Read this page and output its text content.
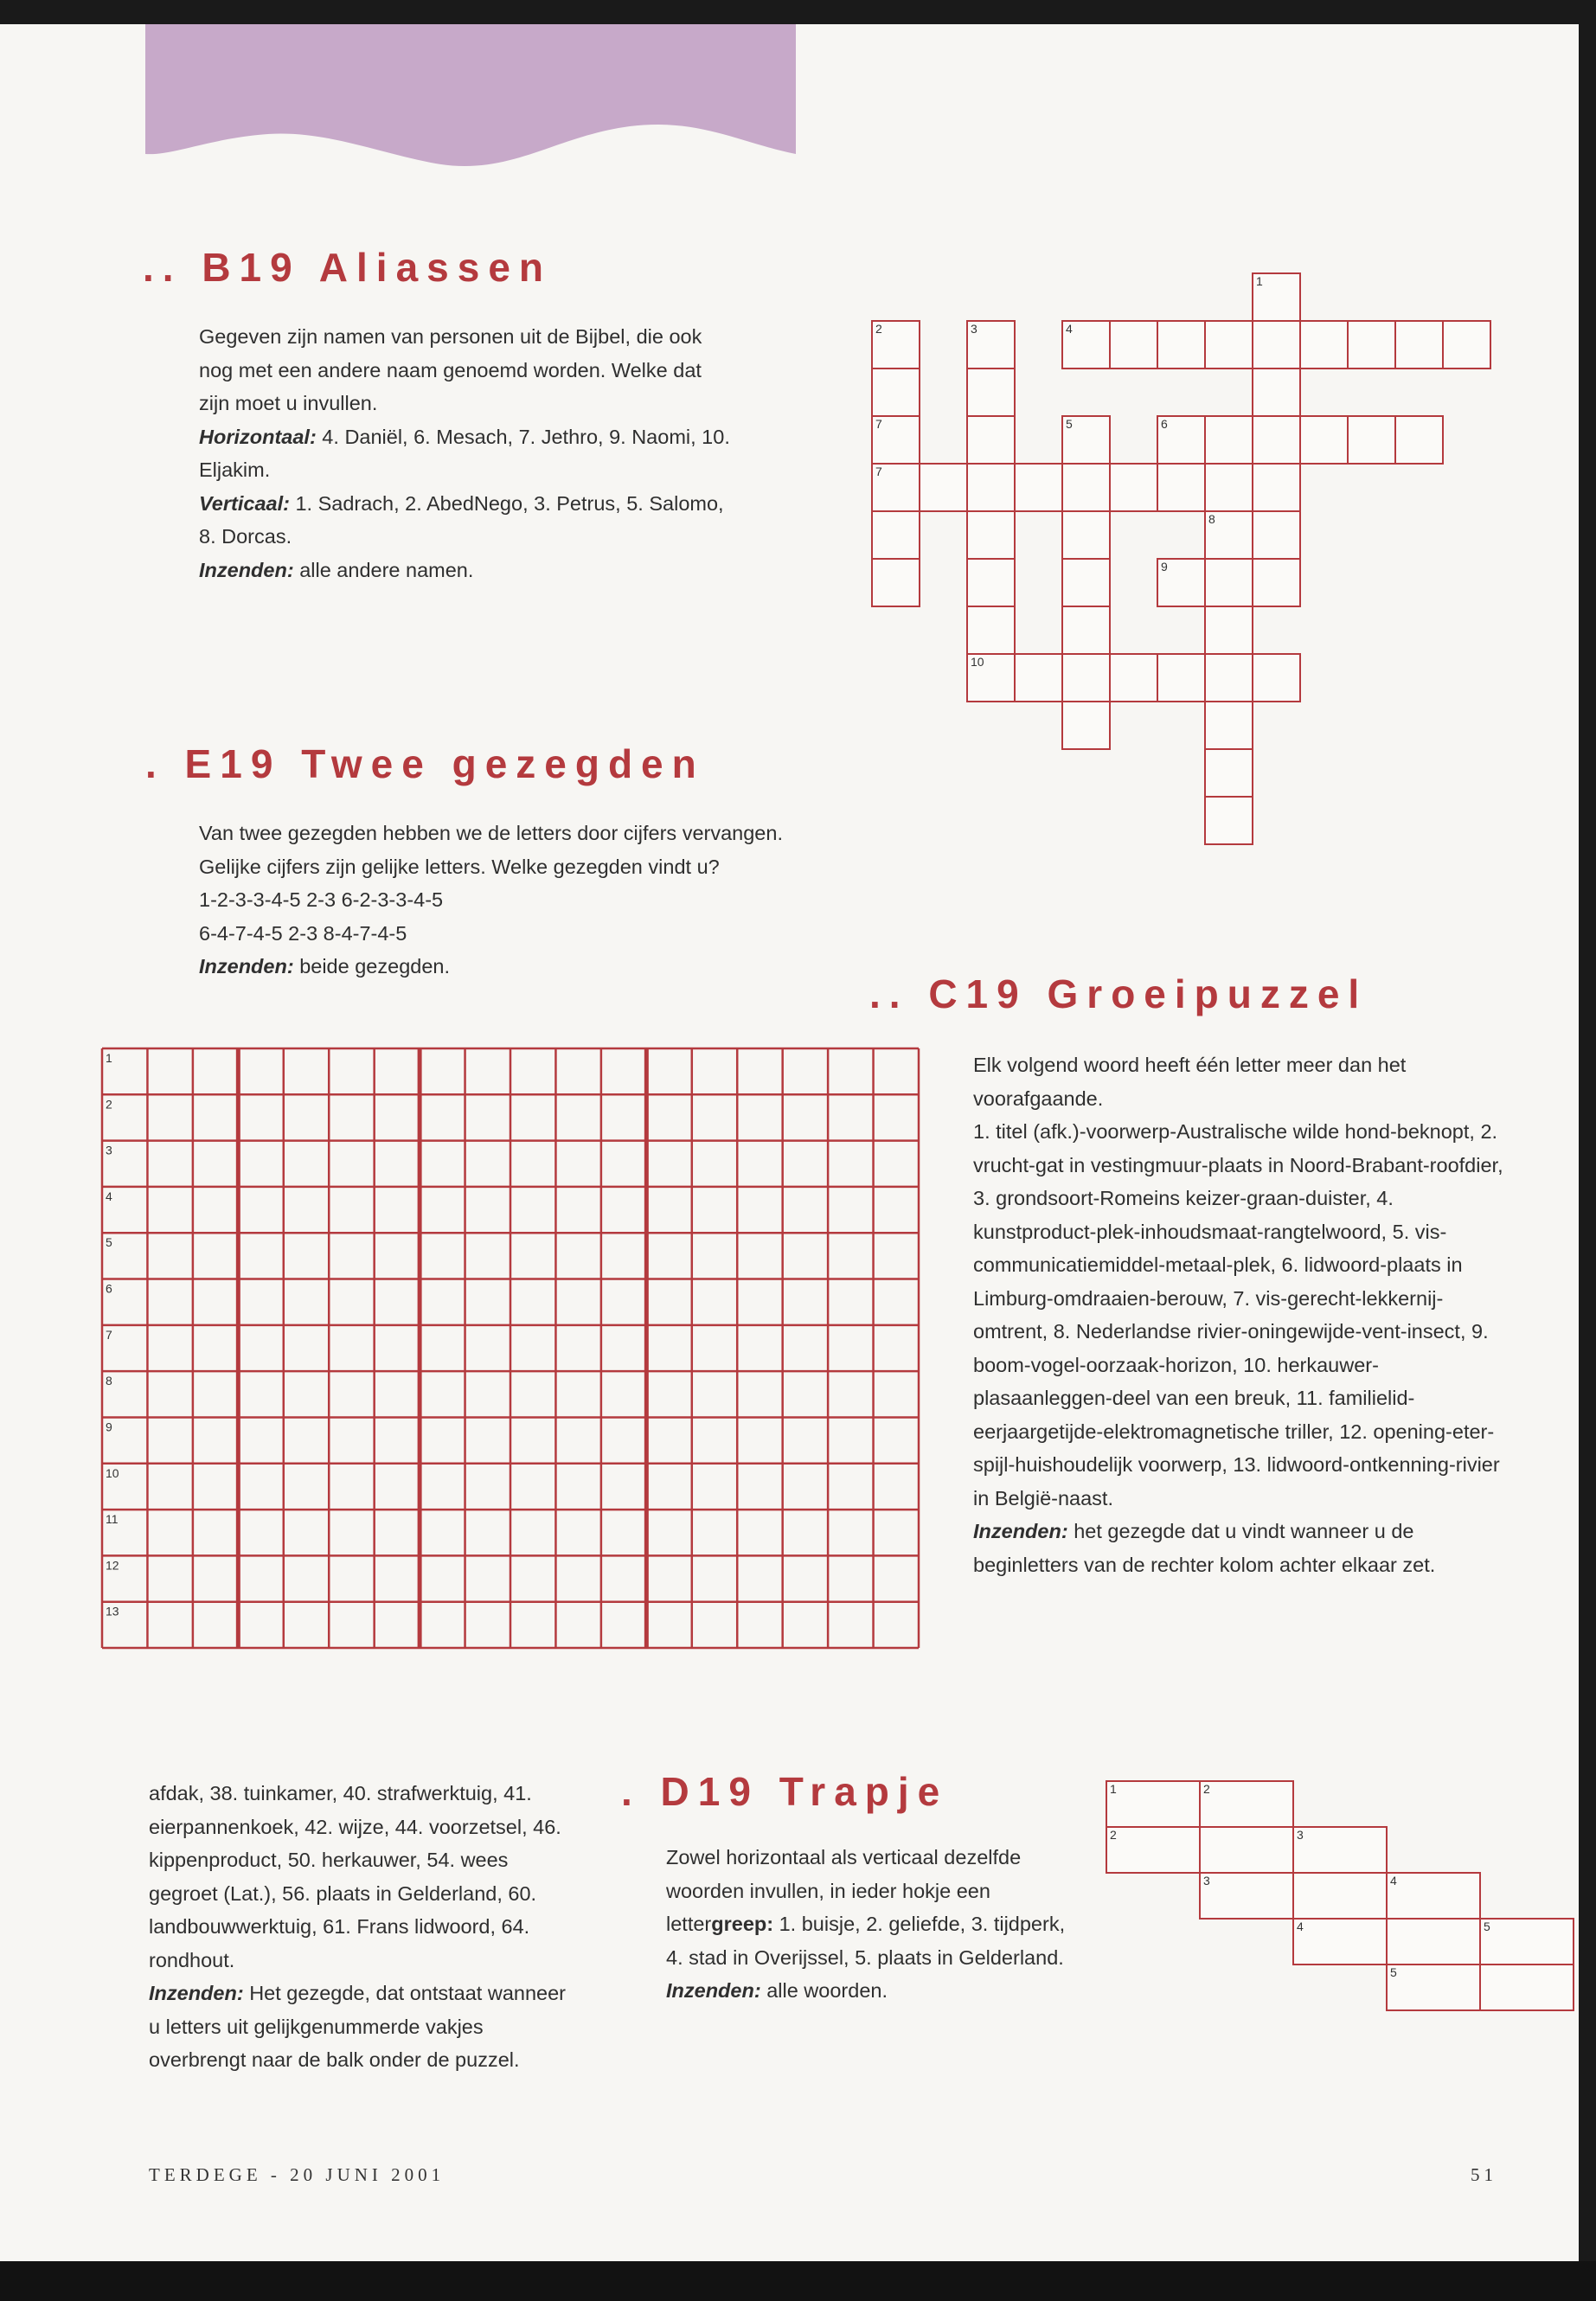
.. B19 Aliassen

Gegeven zijn namen van personen uit de Bijbel, die ook nog met een andere naam genoemd worden. Welke dat zijn moet u invullen.

Horizontaal: 4. Daniël, 6. Mesach, 7. Jethro, 9. Naomi, 10. Eljakim.

Verticaal: 1. Sadrach, 2. AbedNego, 3. Petrus, 5. Salomo, 8. Dorcas.

Inzenden: alle andere namen.

2
7
7
3
10
5
8
1
4
6
9
. E19 Twee gezegden

Van twee gezegden hebben we de letters door cijfers vervangen. Gelijke cijfers zijn gelijke letters. Welke gezegden vindt u?

1-2-3-3-4-5 2-3 6-2-3-3-4-5

6-4-7-4-5 2-3 8-4-7-4-5

Inzenden: beide gezegden.

.. C19 Groeipuzzel

Elk volgend woord heeft één letter meer dan het voorafgaande.

1. titel (afk.)-voorwerp-Australische wilde hond-beknopt, 2. vrucht-gat in vestingmuur-plaats in Noord-Brabant-roofdier, 3. grondsoort-Romeins keizer-graan-duister, 4. kunstproduct-plek-inhoudsmaat-rangtelwoord, 5. vis-communicatiemiddel-metaal-plek, 6. lidwoord-plaats in Limburg-omdraaien-berouw, 7. vis-gerecht-lekkernij-omtrent, 8. Nederlandse rivier-oningewijde-vent-insect, 9. boom-vogel-oorzaak-horizon, 10. herkauwer-plasaanleggen-deel van een breuk, 11. familielid-eerjaargetijde-elektromagnetische triller, 12. opening-eter-spijl-huishoudelijk voorwerp, 13. lidwoord-ontkenning-rivier in België-naast.

Inzenden: het gezegde dat u vindt wanneer u de beginletters van de rechter kolom achter elkaar zet.

1
2
3
4
5
6
7
8
9
10
11
12
13

afdak, 38. tuinkamer, 40. strafwerktuig, 41. eierpannenkoek, 42. wijze, 44. voorzetsel, 46. kippenproduct, 50. herkauwer, 54. wees gegroet (Lat.), 56. plaats in Gelderland, 60. landbouwwerktuig, 61. Frans lidwoord, 64. rondhout.

Inzenden: Het gezegde, dat ontstaat wanneer u letters uit gelijkgenummerde vakjes overbrengt naar de balk onder de puzzel.

. D19 Trapje

Zowel horizontaal als verticaal dezelfde woorden invullen, in ieder hokje een lettergreep: 1. buisje, 2. geliefde, 3. tijdperk, 4. stad in Overijssel, 5. plaats in Gelderland.

Inzenden: alle woorden.

1	2
2	3
3	4
4	5
5
TERDEGE - 20 JUNI 2001	51
